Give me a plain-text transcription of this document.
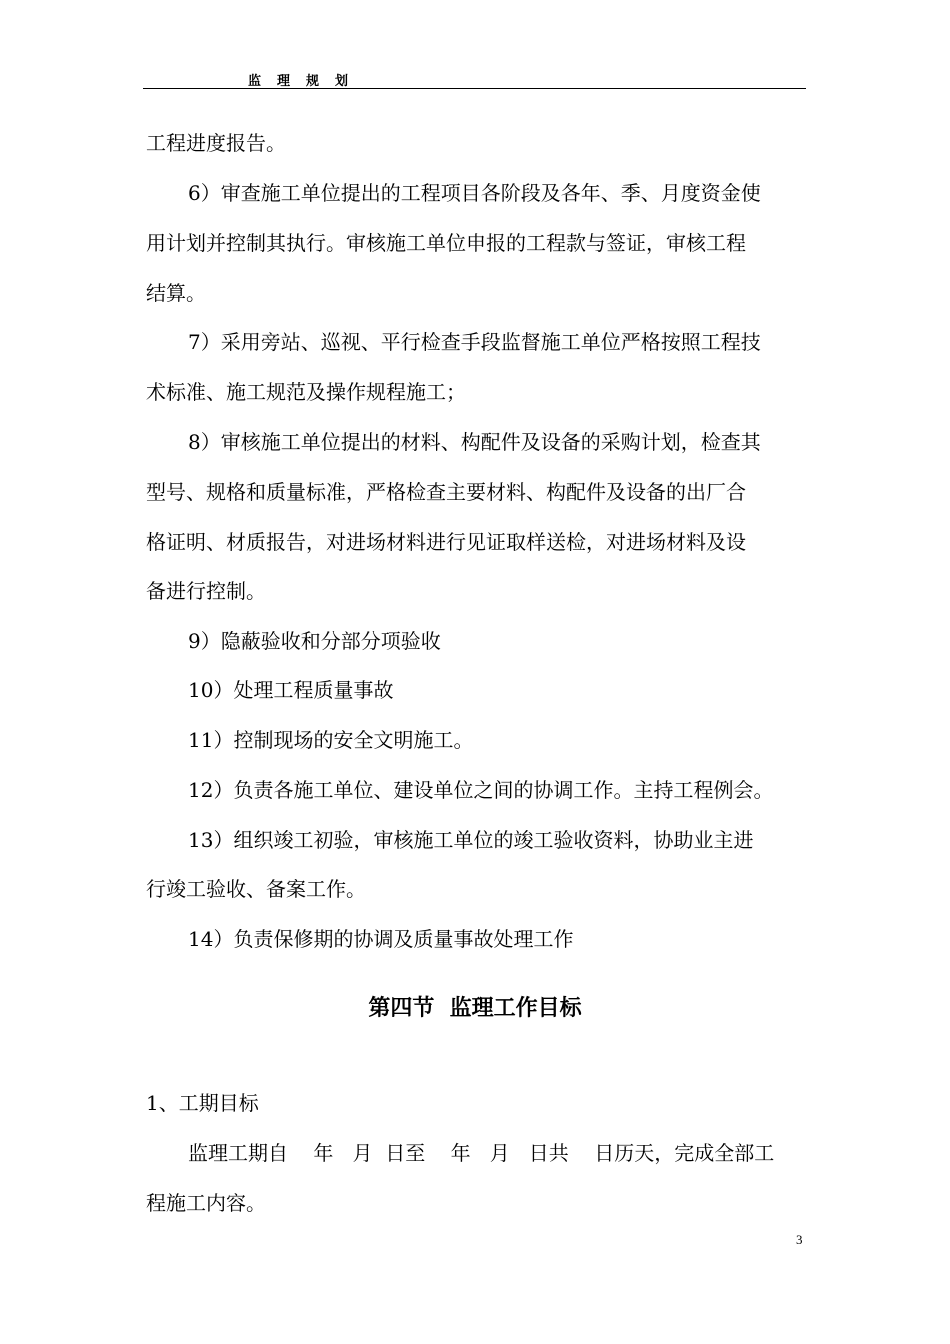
监理规划
工程进度报告。
6）审查施工单位提出的工程项目各阶段及各年、季、月度资金使
用计划并控制其执行。审核施工单位申报的工程款与签证，审核工程
结算。
7）采用旁站、巡视、平行检查手段监督施工单位严格按照工程技
术标准、施工规范及操作规程施工；
8）审核施工单位提出的材料、构配件及设备的采购计划，检查其
型号、规格和质量标准，严格检查主要材料、构配件及设备的出厂合
格证明、材质报告，对进场材料进行见证取样送检，对进场材料及设
备进行控制。
9）隐蔽验收和分部分项验收
10）处理工程质量事故
11）控制现场的安全文明施工。
12）负责各施工单位、建设单位之间的协调工作。主持工程例会。
13）组织竣工初验，审核施工单位的竣工验收资料，协助业主进
行竣工验收、备案工作。
14）负责保修期的协调及质量事故处理工作
第四节  监理工作目标
1、工期目标
监理工期自    年   月  日至    年   月   日共    日历天，完成全部工
程施工内容。
3
